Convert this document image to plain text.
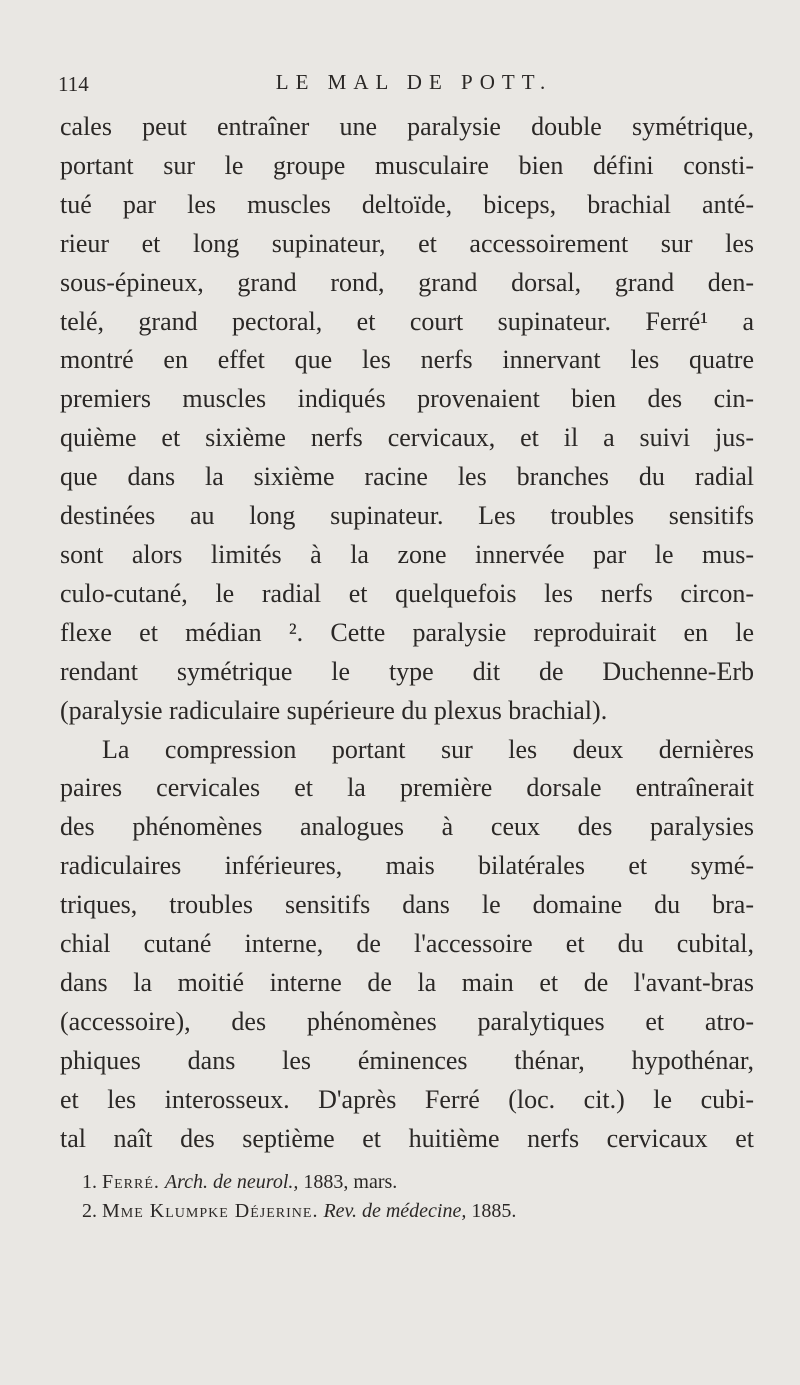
114	LE MAL DE POTT.
cales peut entraîner une paralysie double symétrique,
portant sur le groupe musculaire bien défini consti-
tué par les muscles deltoïde, biceps, brachial anté-
rieur et long supinateur, et accessoirement sur les
sous-épineux, grand rond, grand dorsal, grand den-
telé, grand pectoral, et court supinateur. Ferré¹ a
montré en effet que les nerfs innervant les quatre
premiers muscles indiqués provenaient bien des cin-
quième et sixième nerfs cervicaux, et il a suivi jus-
que dans la sixième racine les branches du radial
destinées au long supinateur. Les troubles sensitifs
sont alors limités à la zone innervée par le mus-
culo-cutané, le radial et quelquefois les nerfs circon-
flexe et médian ². Cette paralysie reproduirait en le
rendant symétrique le type dit de Duchenne-Erb
(paralysie radiculaire supérieure du plexus brachial).
La compression portant sur les deux dernières
paires cervicales et la première dorsale entraînerait
des phénomènes analogues à ceux des paralysies
radiculaires inférieures, mais bilatérales et symé-
triques, troubles sensitifs dans le domaine du bra-
chial cutané interne, de l'accessoire et du cubital,
dans la moitié interne de la main et de l'avant-bras
(accessoire), des phénomènes paralytiques et atro-
phiques dans les éminences thénar, hypothénar,
et les interosseux. D'après Ferré (loc. cit.) le cubi-
tal naît des septième et huitième nerfs cervicaux et
1. Ferré. Arch. de neurol., 1883, mars.
2. Mme Klumpke Déjerine. Rev. de médecine, 1885.
